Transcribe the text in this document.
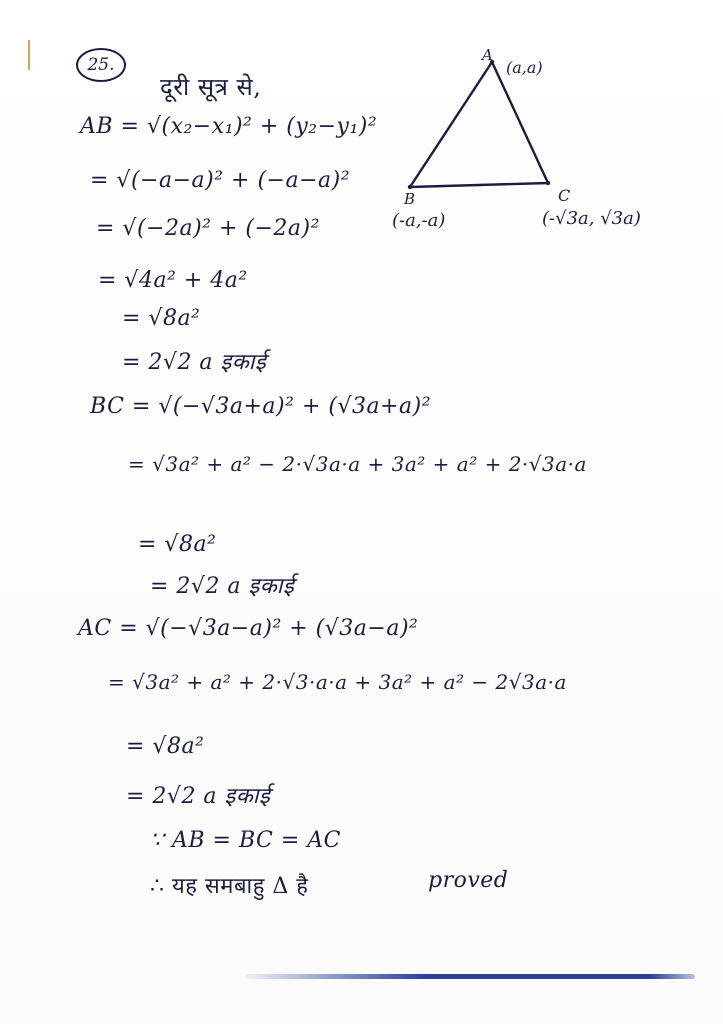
25.
दूरी सूत्र से,
A
(a,a)
B
(-a,-a)
C
(-√3a, √3a)
AB = √(x₂−x₁)² + (y₂−y₁)²
= √(−a−a)² + (−a−a)²
= √(−2a)² + (−2a)²
= √4a² + 4a²
= √8a²
= 2√2 a इकाई
BC = √(−√3a+a)² + (√3a+a)²
= √3a² + a² − 2·√3a·a + 3a² + a² + 2·√3a·a
= √8a²
= 2√2 a इकाई
AC = √(−√3a−a)² + (√3a−a)²
= √3a² + a² + 2·√3·a·a + 3a² + a² − 2√3a·a
= √8a²
= 2√2 a इकाई
∵ AB = BC = AC
∴ यह समबाहु Δ है	proved
